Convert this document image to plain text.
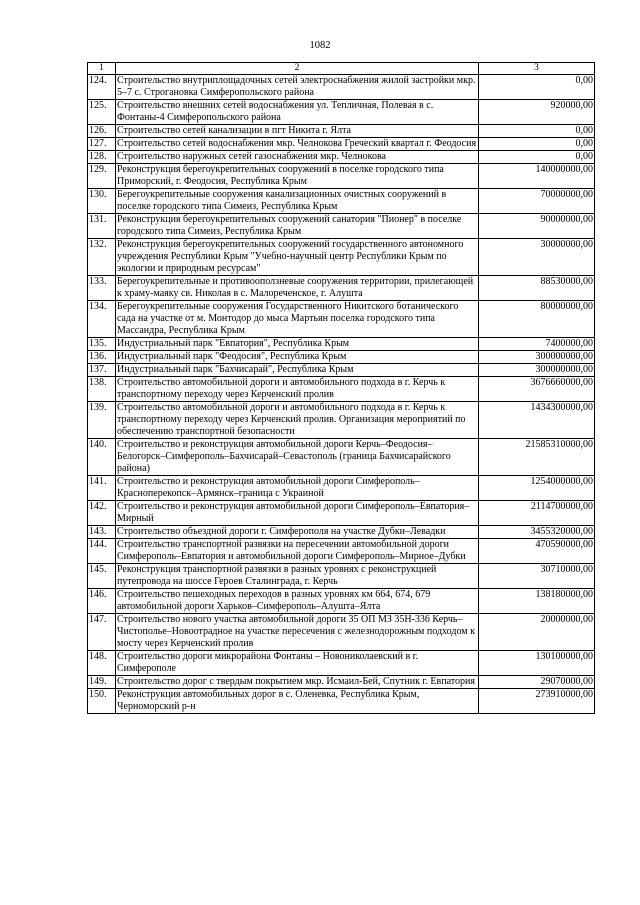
1082
1	2	3
124.	Строительство внутриплощадочных сетей электроснабжения жилой застройки мкр. 5–7 с. Строгановка Симферопольского района	0,00
125.	Строительство внешних сетей водоснабжения ул. Тепличная, Полевая в с. Фонтаны-4 Симферопольского района	920000,00
126.	Строительство сетей канализации в пгт Никита г. Ялта	0,00
127.	Строительство сетей водоснабжения мкр. Челнокова Греческий квартал г. Феодосия	0,00
128.	Строительство наружных сетей газоснабжения мкр. Челнокова	0,00
129.	Реконструкция берегоукрепительных сооружений в поселке городского типа Приморский, г. Феодосия, Республика Крым	140000000,00
130.	Берегоукрепительные сооружения канализационных очистных сооружений в поселке городского типа Симеиз, Республика Крым	70000000,00
131.	Реконструкция берегоукрепительных сооружений санатория "Пионер" в поселке городского типа Симеиз, Республика Крым	90000000,00
132.	Реконструкция берегоукрепительных сооружений государственного автономного учреждения Республики Крым "Учебно-научный центр Республики Крым по экологии и природным ресурсам"	30000000,00
133.	Берегоукрепительные и противооползневые сооружения территории, прилегающей к храму-маяку св. Николая в с. Малореченское, г. Алушта	88530000,00
134.	Берегоукрепительные сооружения Государственного Никитского ботанического сада на участке от м. Монтодор до мыса Мартьян поселка городского типа Массандра, Республика Крым	80000000,00
135.	Индустриальный парк "Евпатория", Республика Крым	7400000,00
136.	Индустриальный парк "Феодосия", Республика Крым	300000000,00
137.	Индустриальный парк "Бахчисарай", Республика Крым	300000000,00
138.	Строительство автомобильной дороги и автомобильного подхода в г. Керчь к транспортному переходу через Керченский пролив	3676660000,00
139.	Строительство автомобильной дороги и автомобильного подхода в г. Керчь к транспортному переходу через Керченский пролив. Организация мероприятий по обеспечению транспортной безопасности	1434300000,00
140.	Строительство и реконструкция автомобильной дороги Керчь–Феодосия–Белогорск–Симферополь–Бахчисарай–Севастополь (граница Бахчисарайского района)	21585310000,00
141.	Строительство и реконструкция автомобильной дороги Симферополь–Красноперекопск–Армянск–граница с Украиной	1254000000,00
142.	Строительство и реконструкция автомобильной дороги Симферополь–Евпатория–Мирный	2114700000,00
143.	Строительство объездной дороги г. Симферополя на участке Дубки–Левадки	3455320000,00
144.	Строительство транспортной развязки на пересечении автомобильной дороги Симферополь–Евпатория и автомобильной дороги Симферополь–Мирное–Дубки	470590000,00
145.	Реконструкция транспортной развязки в разных уровнях с реконструкцией путепровода на шоссе Героев Сталинграда, г. Керчь	30710000,00
146.	Строительство пешеходных переходов в разных уровнях км 664, 674, 679 автомобильной дороги Харьков–Симферополь–Алушта–Ялта	138180000,00
147.	Строительство нового участка автомобильной дороги 35 ОП МЗ 35Н-336 Керчь–Чистополье–Новоотрадное на участке пересечения с железнодорожным подходом к мосту через Керченский пролив	20000000,00
148.	Строительство дороги микрорайона Фонтаны – Новониколаевский в г. Симферополе	130100000,00
149.	Строительство дорог с твердым покрытием мкр. Исмаил-Бей, Спутник г. Евпатория	29070000,00
150.	Реконструкция автомобильных дорог в с. Оленевка, Республика Крым, Черноморский р-н	273910000,00
